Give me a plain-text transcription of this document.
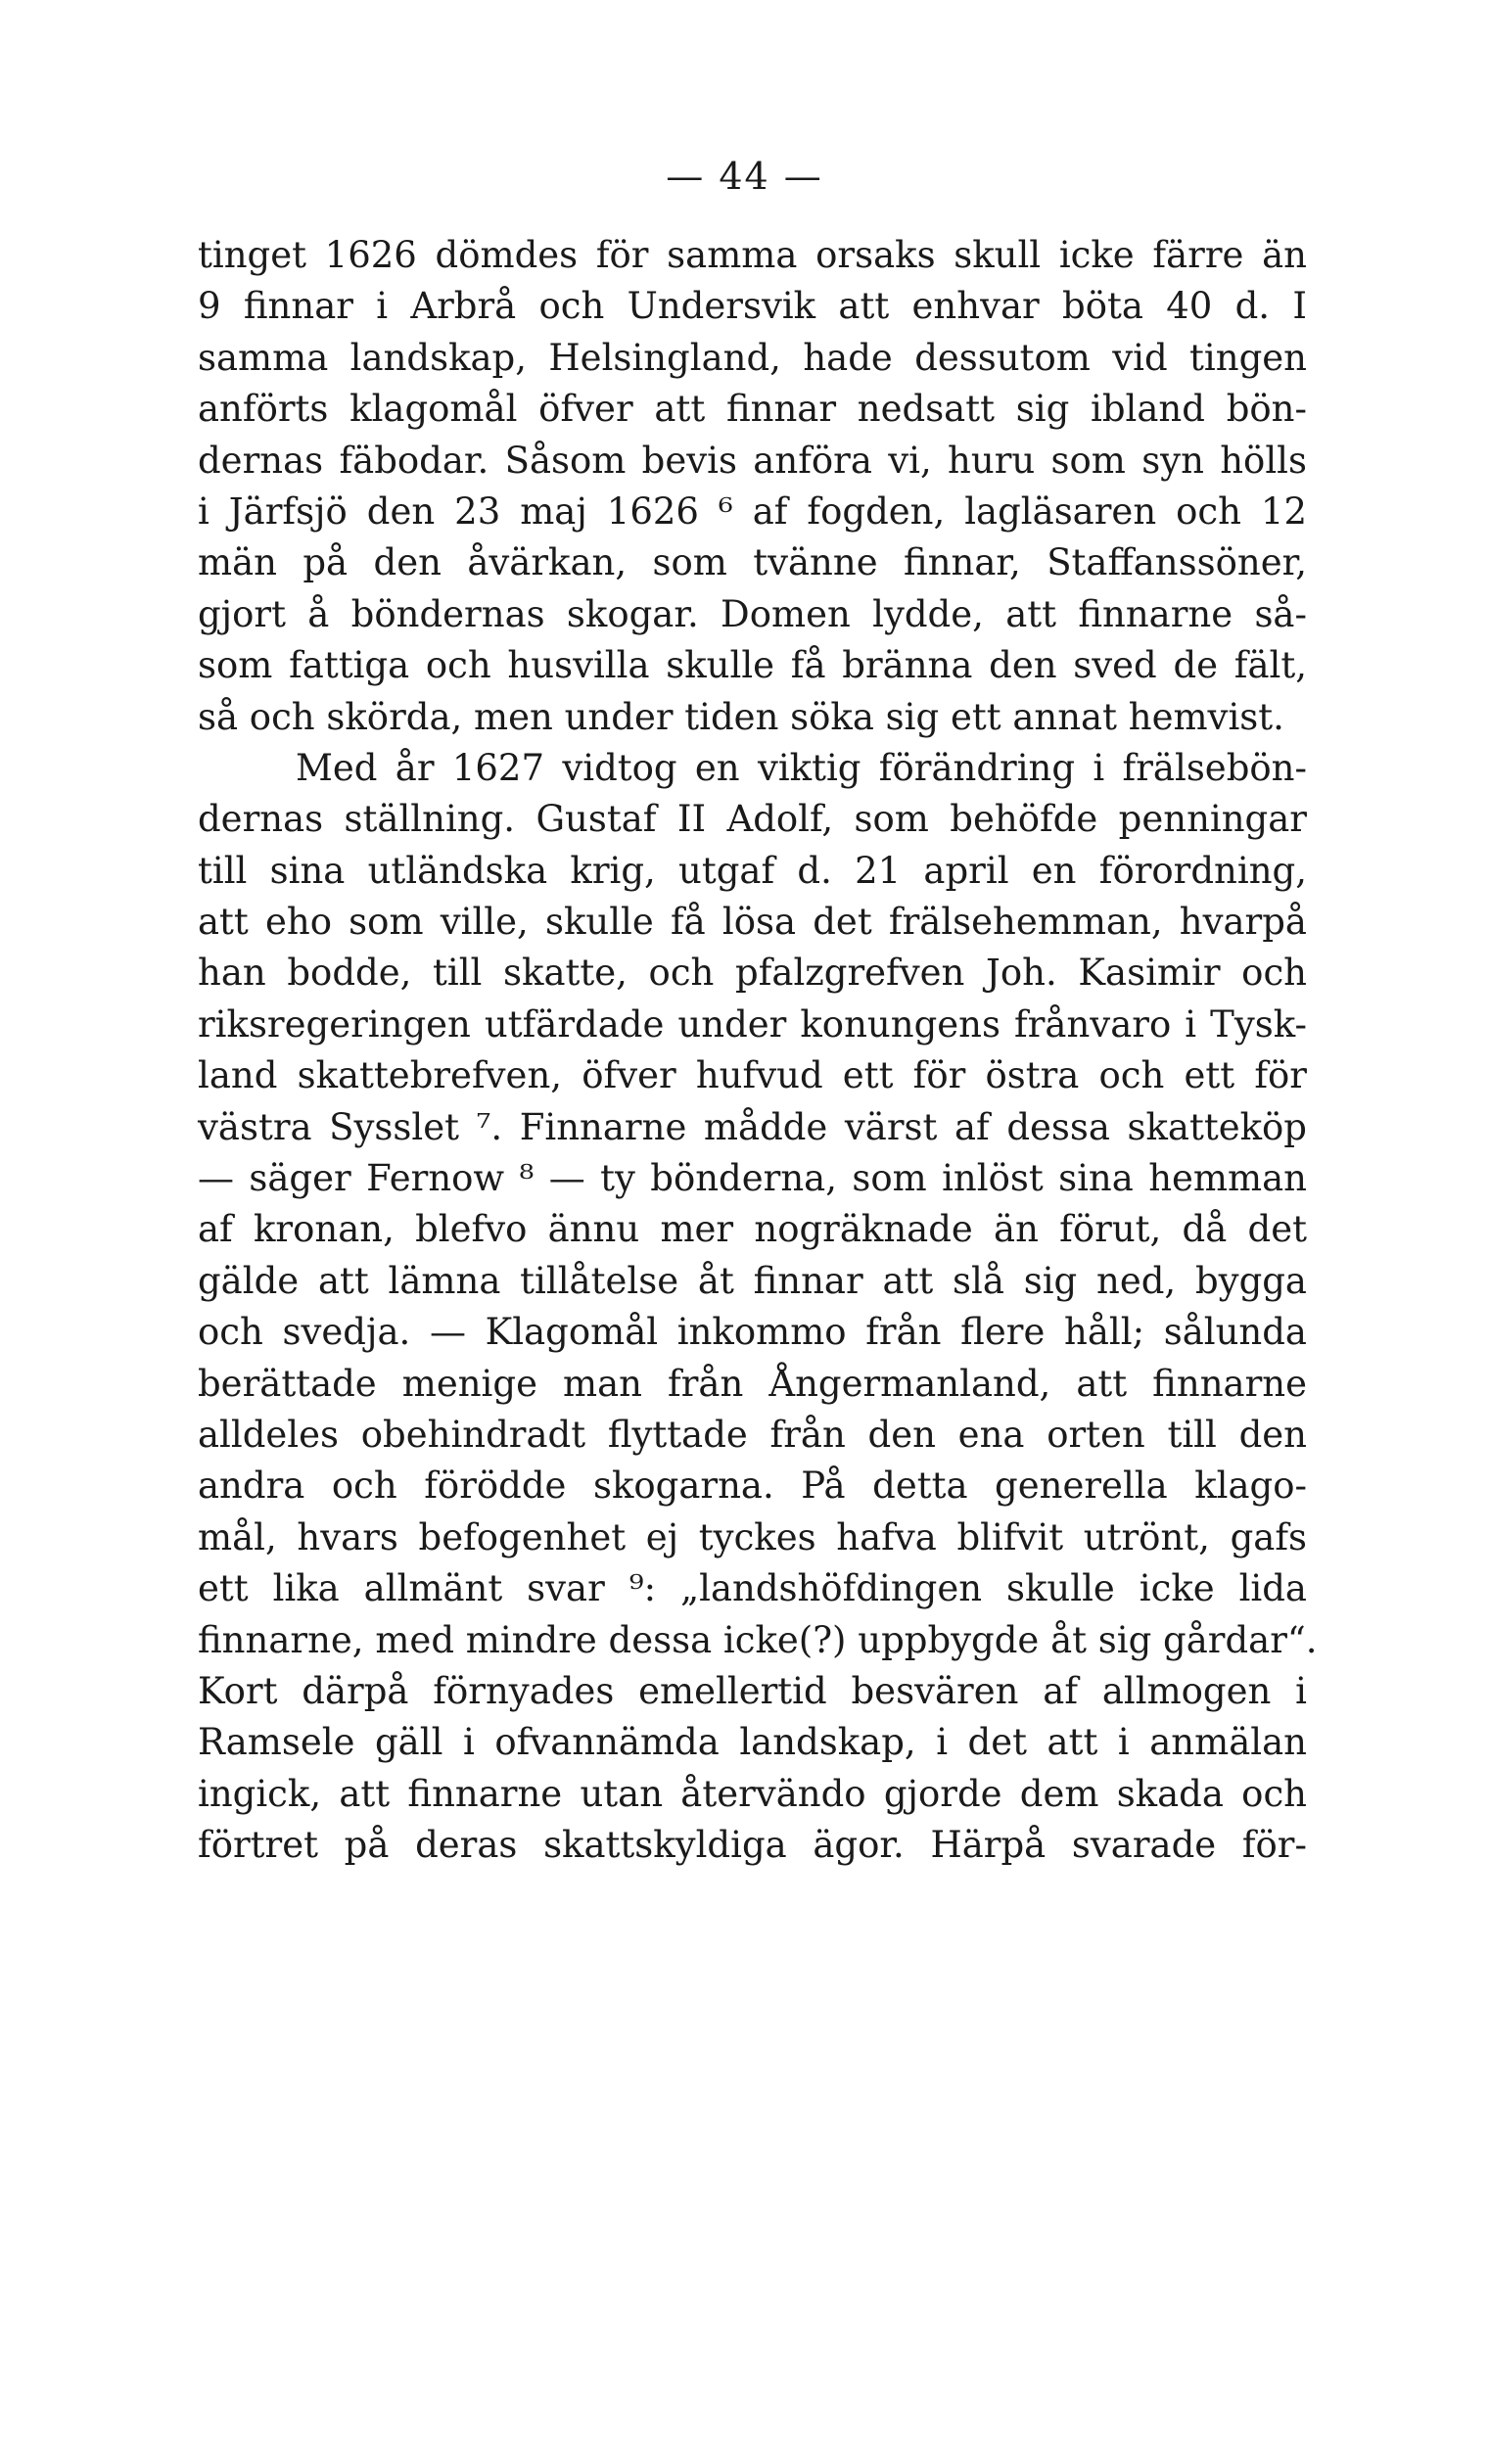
— 44 —
tinget 1626 dömdes för samma orsaks skull icke färre än
9 finnar i Arbrå och Undersvik att enhvar böta 40 d. I
samma landskap, Helsingland, hade dessutom vid tingen
anförts klagomål öfver att finnar nedsatt sig ibland bön-
dernas fäbodar. Såsom bevis anföra vi, huru som syn hölls
i Järfsjö den 23 maj 1626 ⁶ af fogden, lagläsaren och 12
män på den åvärkan, som tvänne finnar, Staffanssöner,
gjort å böndernas skogar. Domen lydde, att finnarne så-
som fattiga och husvilla skulle få bränna den sved de fält,
så och skörda, men under tiden söka sig ett annat hemvist.
Med år 1627 vidtog en viktig förändring i frälsebön-
dernas ställning. Gustaf II Adolf, som behöfde penningar
till sina utländska krig, utgaf d. 21 april en förordning,
att eho som ville, skulle få lösa det frälsehemman, hvarpå
han bodde, till skatte, och pfalzgrefven Joh. Kasimir och
riksregeringen utfärdade under konungens frånvaro i Tysk-
land skattebrefven, öfver hufvud ett för östra och ett för
västra Sysslet ⁷. Finnarne mådde värst af dessa skatteköp
— säger Fernow ⁸ — ty bönderna, som inlöst sina hemman
af kronan, blefvo ännu mer nogräknade än förut, då det
gälde att lämna tillåtelse åt finnar att slå sig ned, bygga
och svedja. — Klagomål inkommo från flere håll; sålunda
berättade menige man från Ångermanland, att finnarne
alldeles obehindradt flyttade från den ena orten till den
andra och förödde skogarna. På detta generella klago-
mål, hvars befogenhet ej tyckes hafva blifvit utrönt, gafs
ett lika allmänt svar ⁹: „landshöfdingen skulle icke lida
finnarne, med mindre dessa icke(?) uppbygde åt sig gårdar“.
Kort därpå förnyades emellertid besvären af allmogen i
Ramsele gäll i ofvannämda landskap, i det att i anmälan
ingick, att finnarne utan återvändo gjorde dem skada och
förtret på deras skattskyldiga ägor. Härpå svarade för-
